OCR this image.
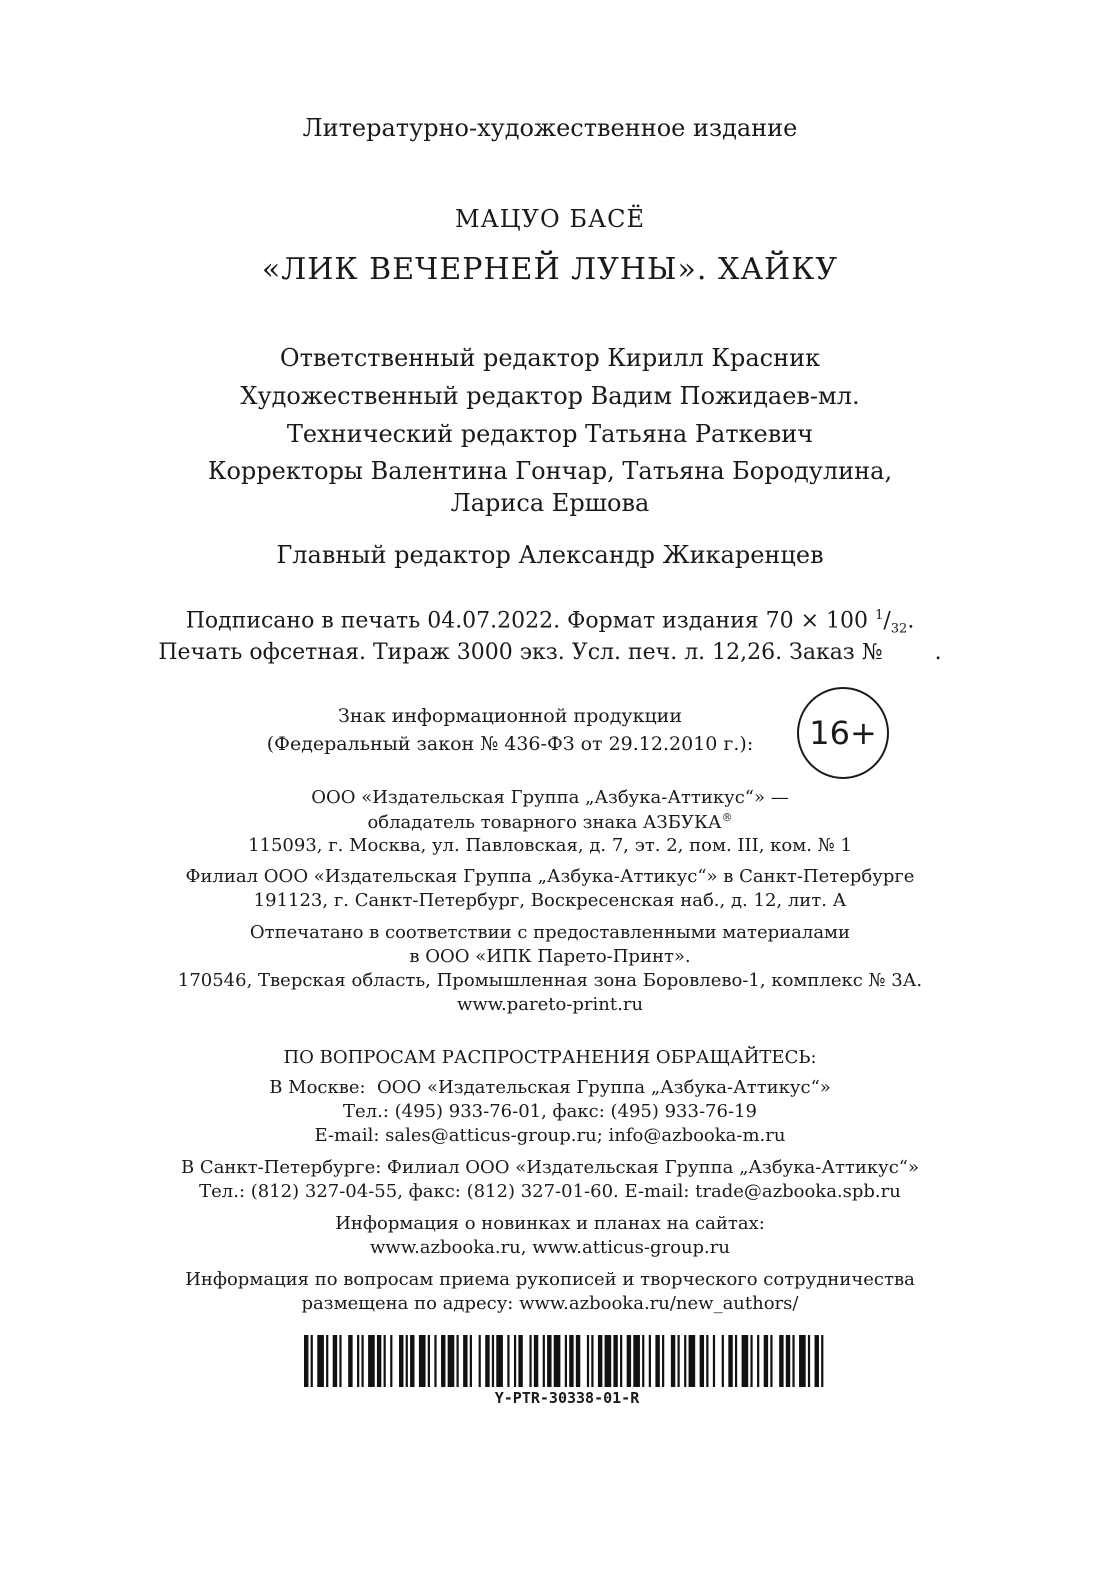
Литературно-художественное издание
МАЦУО БАСЁ
«ЛИК ВЕЧЕРНЕЙ ЛУНЫ». ХАЙКУ
Ответственный редактор Кирилл Красник
Художественный редактор Вадим Пожидаев-мл.
Технический редактор Татьяна Раткевич
Корректоры Валентина Гончар, Татьяна Бородулина,
Лариса Ершова
Главный редактор Александр Жикаренцев
Подписано в печать 04.07.2022. Формат издания 70 × 100 $^1/_{32}$.
Печать офсетная. Тираж 3000 экз. Усл. печ. л. 12,26. Заказ № .
Знак информационной продукции
(Федеральный закон № 436-ФЗ от 29.12.2010 г.):	16+
ООО «Издательская Группа „Азбука-Аттикус“» —
обладатель товарного знака АЗБУКА®
115093, г. Москва, ул. Павловская, д. 7, эт. 2, пом. III, ком. № 1
Филиал ООО «Издательская Группа „Азбука-Аттикус“» в Санкт-Петербурге
191123, г. Санкт-Петербург, Воскресенская наб., д. 12, лит. А
Отпечатано в соответствии с предоставленными материалами
в ООО «ИПК Парето-Принт».
170546, Тверская область, Промышленная зона Боровлево-1, комплекс № 3А.
www.pareto-print.ru
ПО ВОПРОСАМ РАСПРОСТРАНЕНИЯ ОБРАЩАЙТЕСЬ:
В Москве: ООО «Издательская Группа „Азбука-Аттикус“»
Тел.: (495) 933-76-01, факс: (495) 933-76-19
E-mail: sales@atticus-group.ru; info@azbooka-m.ru
В Санкт-Петербурге: Филиал ООО «Издательская Группа „Азбука-Аттикус“»
Тел.: (812) 327-04-55, факс: (812) 327-01-60. E-mail: trade@azbooka.spb.ru
Информация о новинках и планах на сайтах:
www.azbooka.ru, www.atticus-group.ru
Информация по вопросам приема рукописей и творческого сотрудничества
размещена по адресу: www.azbooka.ru/new_authors/
Y-PTR-30338-01-R
